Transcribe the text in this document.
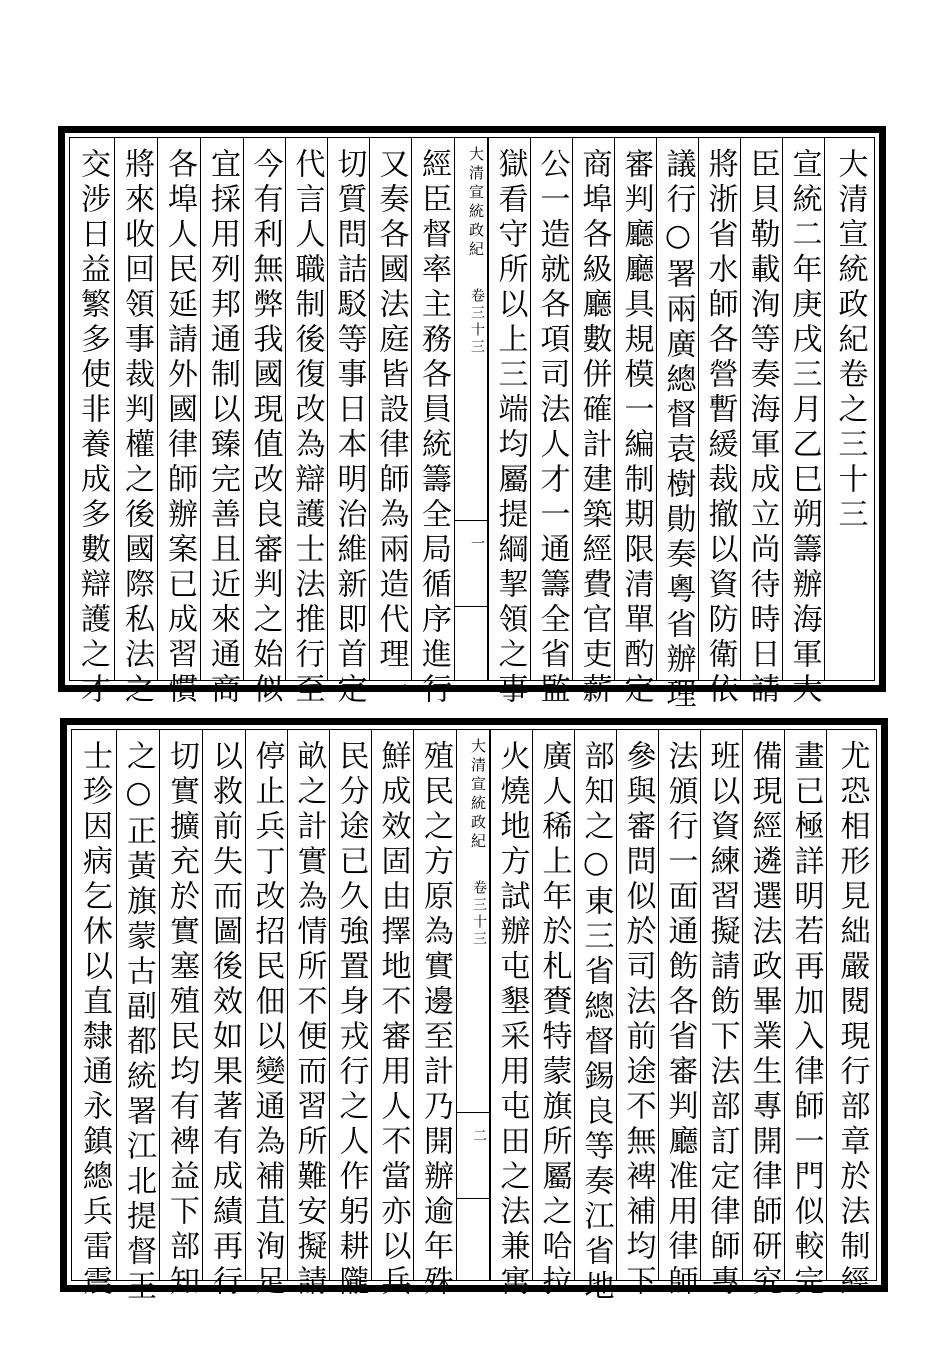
交涉日益繁多使非養成多數辯護之才 將來收回領事裁判權之後國際私法之 各埠人民延請外國律師辦案已成習慣 宜採用列邦通制以臻完善且近來通商 今有利無弊我國現值改良審判之始似 代言人職制後復改為辯護士法推行至 切質問詰駁等事日本明治維新即首定 又奏各國法庭皆設律師為兩造代理一 經臣督率主務各員統籌全局循序進行	大清宣統政紀
卷三十三
一 獄看守所以上三端均屬提綱挈領之事 公一造就各項司法人才一通籌全省監 商埠各級廳數併確計建築經費官吏薪 審判廳廳具規模一編制期限清單酌定 議行○署兩廣總督袁樹勛奏粵省辦理 將浙省水師各營暫緩裁撤以資防衛依 臣貝勒載洵等奏海軍成立尚待時日請 宣統二年庚戌三月乙巳朔籌辦海軍大 大清宣統政紀卷之三十三
士珍因病乞休以直隸通永鎮總兵雷震 之○正黃旗蒙古副都統署江北提督王 切實擴充於實塞殖民均有裨益下部知 以救前失而圖後效如果著有成績再行 停止兵丁改招民佃以變通為補苴洵足 畝之計實為情所不便而習所難安擬請 民分途已久強置身戎行之人作躬耕隴 鮮成效固由擇地不審用人不當亦以兵 殖民之方原為實邊至計乃開辦逾年殊	大清宣統政紀
卷三十三
二 火燒地方試辦屯墾采用屯田之法兼寓 廣人稀上年於札賚特蒙旗所屬之哈拉 部知之○東三省總督錫良等奏江省地 參與審問似於司法前途不無裨補均下 法頒行一面通飭各省審判廳准用律師 班以資練習擬請飭下法部訂定律師專 備現經遴選法政畢業生專開律師研究 畫已極詳明若再加入律師一門似較完 尤恐相形見絀嚴閱現行部章於法制經
